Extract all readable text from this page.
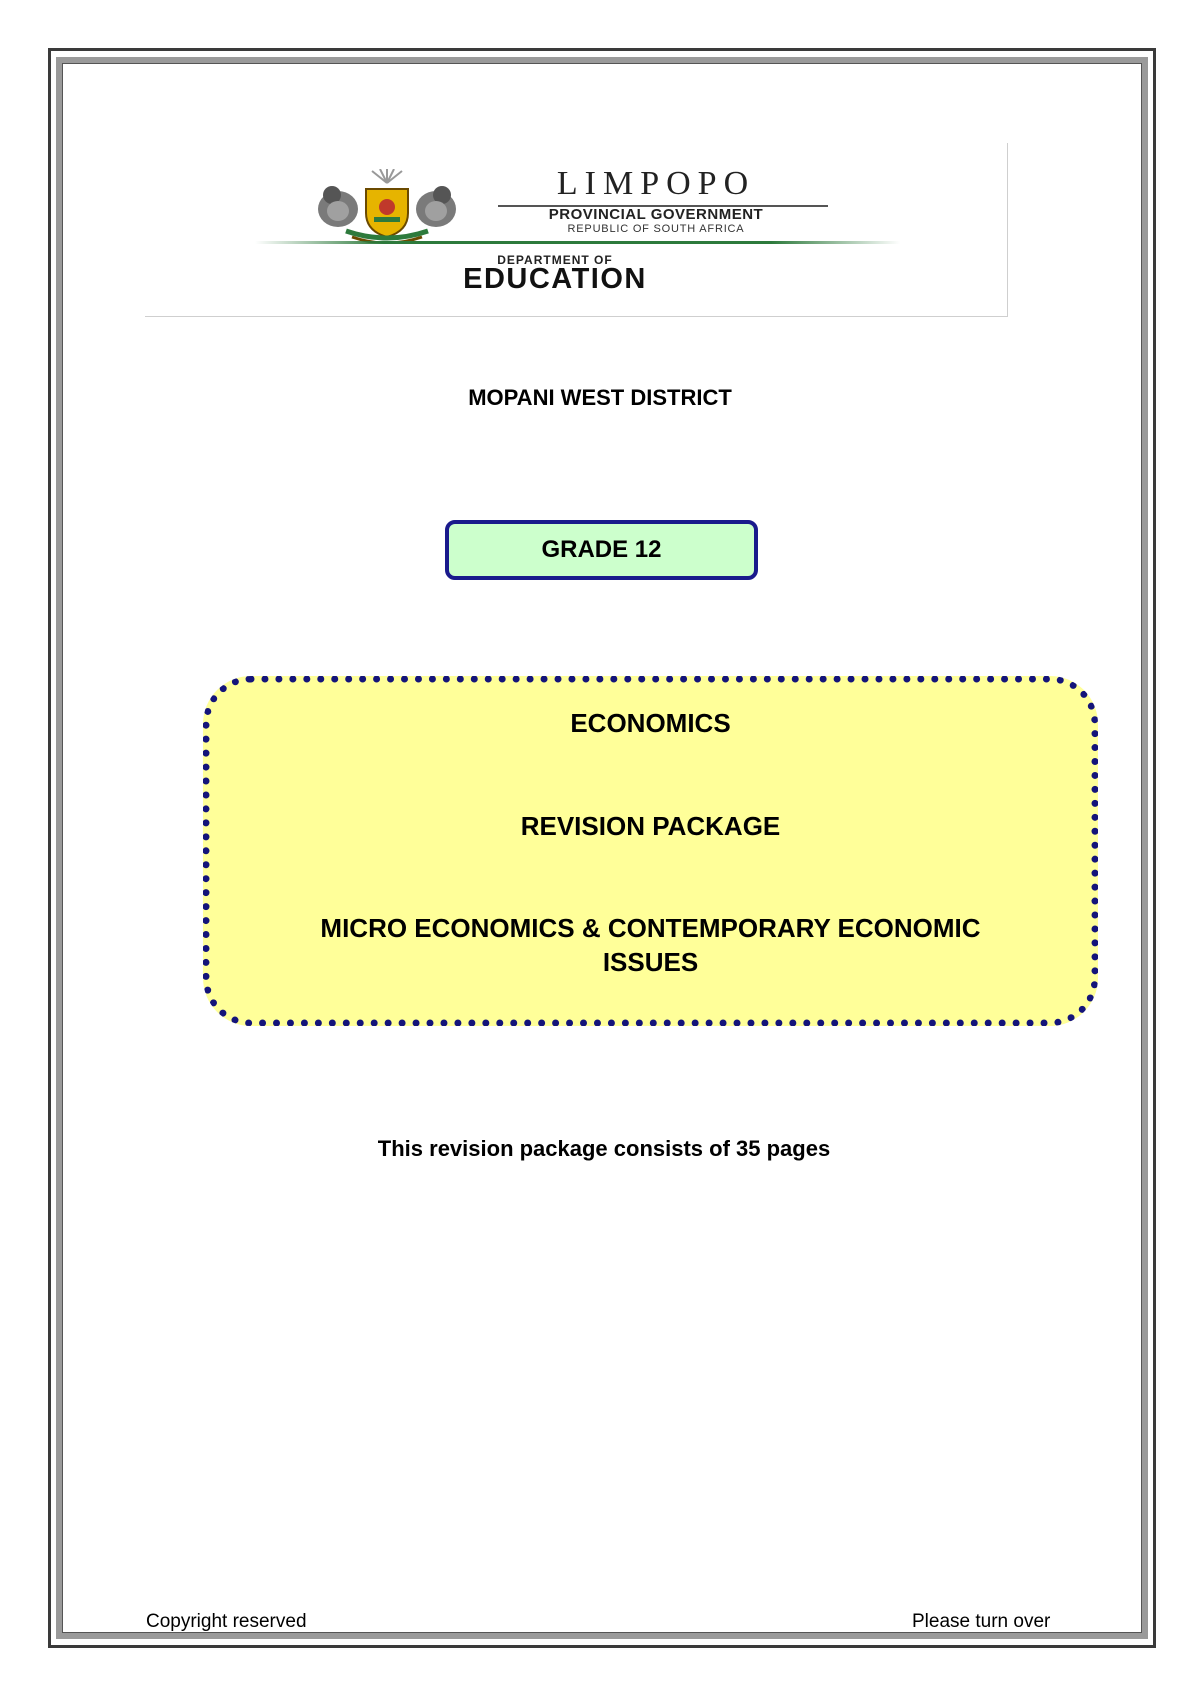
LIMPOPO
PROVINCIAL GOVERNMENT
REPUBLIC OF SOUTH AFRICA
DEPARTMENT OF
EDUCATION
MOPANI WEST DISTRICT
GRADE 12
ECONOMICS
REVISION PACKAGE
MICRO ECONOMICS & CONTEMPORARY ECONOMIC
ISSUES
This revision package consists of 35 pages
Copyright reserved	Please turn over
